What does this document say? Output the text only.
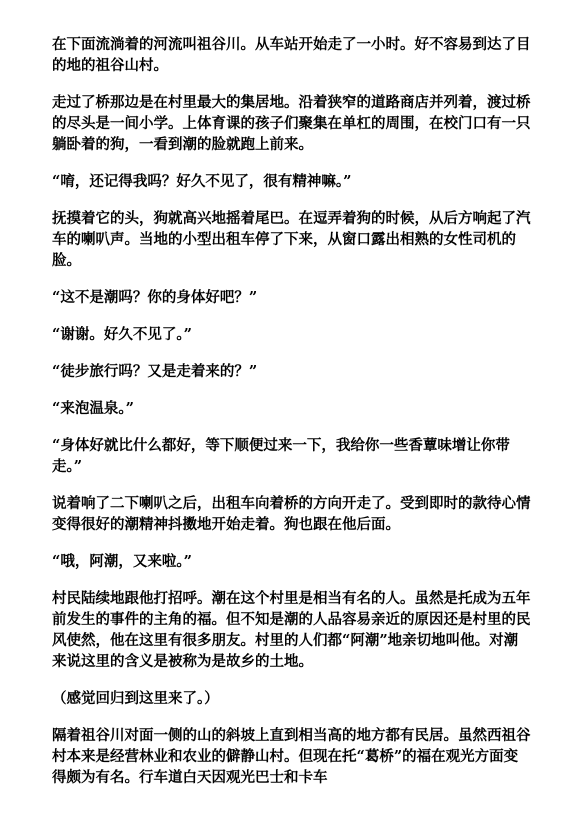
在下面流淌着的河流叫祖谷川。从车站开始走了一小时。好不容易到达了目的地的祖谷山村。

走过了桥那边是在村里最大的集居地。沿着狭窄的道路商店并列着，渡过桥的尽头是一间小学。上体育课的孩子们聚集在单杠的周围，在校门口有一只躺卧着的狗，一看到潮的脸就跑上前来。

“唷，还记得我吗？好久不见了，很有精神嘛。”

抚摸着它的头，狗就高兴地摇着尾巴。在逗弄着狗的时候，从后方响起了汽车的喇叭声。当地的小型出租车停了下来，从窗口露出相熟的女性司机的脸。

“这不是潮吗？你的身体好吧？”

“谢谢。好久不见了。”

“徒步旅行吗？又是走着来的？”

“来泡温泉。”

“身体好就比什么都好，等下顺便过来一下，我给你一些香蕈味增让你带走。”

说着响了二下喇叭之后，出租车向着桥的方向开走了。受到即时的款待心情变得很好的潮精神抖擞地开始走着。狗也跟在他后面。

“哦，阿潮，又来啦。”

村民陆续地跟他打招呼。潮在这个村里是相当有名的人。虽然是托成为五年前发生的事件的主角的福。但不知是潮的人品容易亲近的原因还是村里的民风使然，他在这里有很多朋友。村里的人们都“阿潮”地亲切地叫他。对潮来说这里的含义是被称为是故乡的土地。

（感觉回归到这里来了。）

隔着祖谷川对面一侧的山的斜坡上直到相当高的地方都有民居。虽然西祖谷村本来是经营林业和农业的僻静山村。但现在托“葛桥”的福在观光方面变得颇为有名。行车道白天因观光巴士和卡车
